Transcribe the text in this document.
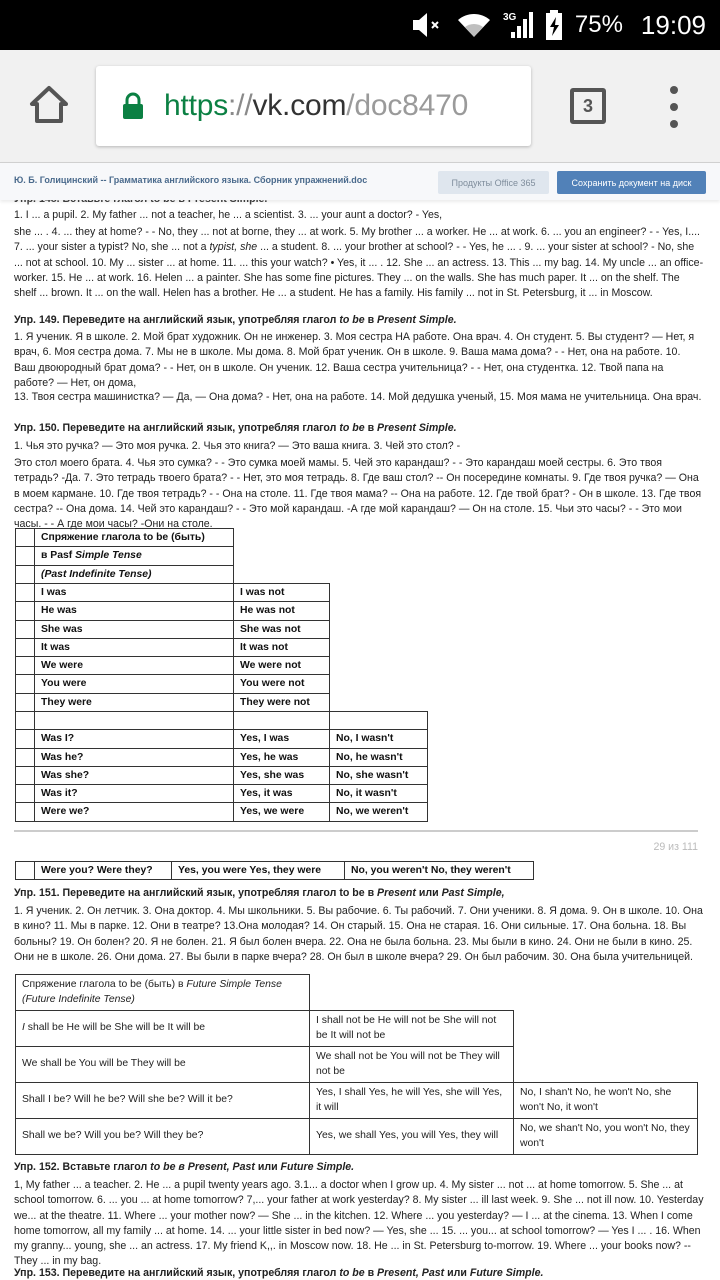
3G 75% 19:09
https://vk.com/doc8470	3
Ю. Б. Голицинский -- Грамматика английского языка. Сборник упражнений.doc	Продукты Office 365	Сохранить документ на диск
1. I ... a pupil. 2. My father ... not a teacher, he ... a scientist. 3. ... your aunt a doctor? - Yes,
she ... . 4. ... they at home? - - No, they ... not at borne, they ... at work. 5. My brother ... a worker. He ... at work. 6. ... you an engineer? - - Yes, I.... 7. ... your sister a typist? No, she ... not a typist, she ... a student. 8. ... your brother at school? - - Yes, he ... . 9. ... your sister at school? - No, she ... not at school. 10. My ... sister ... at home. 11. ... this your watch? • Yes, it ... . 12. She ... an actress. 13. This ... my bag. 14. My uncle ... an office-worker. 15. He ... at work. 16. Helen ... a painter. She has some fine pictures. They ... on the walls. She has much paper. It ... on the shelf. The shelf ... brown. It ... on the wall. Helen has a brother. He ... a student. He has a family. His family ... not in St. Petersburg, it ... in Moscow.
Упр. 149. Переведите на английский язык, употребляя глагол to be в Present Simple.
1. Я ученик. Я в школе. 2. Мой брат художник. Он не инженер. 3. Моя сестра НА работе. Она врач. 4. Он студент. 5. Вы студент? — Нет, я врач, 6. Моя сестра дома. 7. Мы не в школе. Мы дома. 8. Мой брат ученик. Он в школе. 9. Ваша мама дома? - - Нет, она на работе. 10. Ваш двоюродный брат дома? - - Нет, он в школе. Он ученик. 12. Ваша сестра учительница? - - Нет, она студентка. 12. Твой папа на работе? — Нет, он дома,
13. Твоя сестра машинистка? — Да, — Она дома? - Нет, она на работе. 14. Мой дедушка ученый, 15. Моя мама не учительница. Она врач.
Упр. 150. Переведите на английский язык, употребляя глагол to be в Present Simple.
1. Чья это ручка? — Это моя ручка. 2. Чья это книга? — Это ваша книга. 3. Чей это стол? -
Это стол моего брата. 4. Чья это сумка? - - Это сумка моей мамы. 5. Чей это карандаш? - - Это карандаш моей сестры. 6. Это твоя тетрадь? -Да. 7. Это тетрадь твоего брата? - - Нет, это моя тетрадь. 8. Где ваш стол? -- Он посередине комнаты. 9. Где твоя ручка? — Она в моем кармане. 10. Где твоя тетрадь? - - Она на столе. 11. Где твоя мама? -- Она на работе. 12. Где твой брат? - Он в школе. 13. Где твоя сестра? -- Она дома. 14. Чей это карандаш? - - Это мой карандаш. -А где мой карандаш? — Он на столе. 15. Чьи это часы? - - Это мои часы. - - А где мои часы? -Они на столе.
	Спряжение глагола to be (быть)
	в Pasf Simple Tense
	(Past Indefinite Tense)
	I was	I was not
	He was	He was not
	She was	She was not
	It was	It was not
	We were	We were not
	You were	You were not
	They were	They were not

	Was I?	Yes, I was	No, I wasn't
	Was he?	Yes, he was	No, he wasn't
	Was she?	Yes, she was	No, she wasn't
	Was it?	Yes, it was	No, it wasn't
	Were we?	Yes, we were	No, we weren't
29 из 111
	Were you? Were they?	Yes, you were Yes, they were	No, you weren't No, they weren't
Упр. 151. Переведите на английский язык, употребляя глагол to be в Present или Past Simple,
1. Я ученик. 2. Он летчик. 3. Она доктор. 4. Мы школьники. 5. Вы рабочие. 6. Ты рабочий. 7. Они ученики. 8. Я дома. 9. Он в школе. 10. Она в кино? 11. Мы в парке. 12. Они в театре? 13.Она молодая? 14. Он старый. 15. Она не старая. 16. Они сильные. 17. Она больна. 18. Вы больны? 19. Он болен? 20. Я не болен. 21. Я был болен вчера. 22. Она не была больна. 23. Мы были в кино. 24. Они не были в кино. 25. Они не в школе. 26. Они дома. 27. Вы были в парке вчера? 28. Он был в школе вчера? 29. Он был рабочим. 30. Она была учительницей.
Спряжение глагола to be (быть) в Future Simple Tense (Future Indefinite Tense)		
I shall be He will be She will be It will be	I shall not be He will not be She will not be It will not be	
We shall be You will be They will be	We shall not be You will not be They will not be	
Shall I be? Will he be? Will she be? Will it be?	Yes, I shall Yes, he will Yes, she will Yes, it will	No, I shan't No, he won't No, she won't No, it won't
Shall we be? Will you be? Will they be?	Yes, we shall Yes, you will Yes, they will	No, we shan't No, you won't No, they won't
Упр. 152. Вставьте глагол to be в Present, Past или Future Simple.
1, My father ... a teacher. 2. He ... a pupil twenty years ago. 3.1... a doctor when I grow up. 4. My sister ... not ... at home tomorrow. 5. She ... at school tomorrow. 6. ... you ... at home tomorrow? 7,... your father at work yesterday? 8. My sister ... ill last week. 9. She ... not ill now. 10. Yesterday we... at the theatre. 11. Where ... your mother now? — She ... in the kitchen. 12. Where ... you yesterday? — I ... at the cinema. 13. When I come home tomorrow, all my family ... at home. 14. ... your little sister in bed now? — Yes, she ... 15. ... you... at school tomorrow? — Yes I ... . 16. When my granny... young, she ... an actress. 17. My friend K,,. in Moscow now. 18. He ... in St. Petersburg to-morrow. 19. Where ... your books now? -- They ... in my bag.
Упр. 153. Переведите на английский язык, употребляя глагол to be в Present, Past или Future Simple.
